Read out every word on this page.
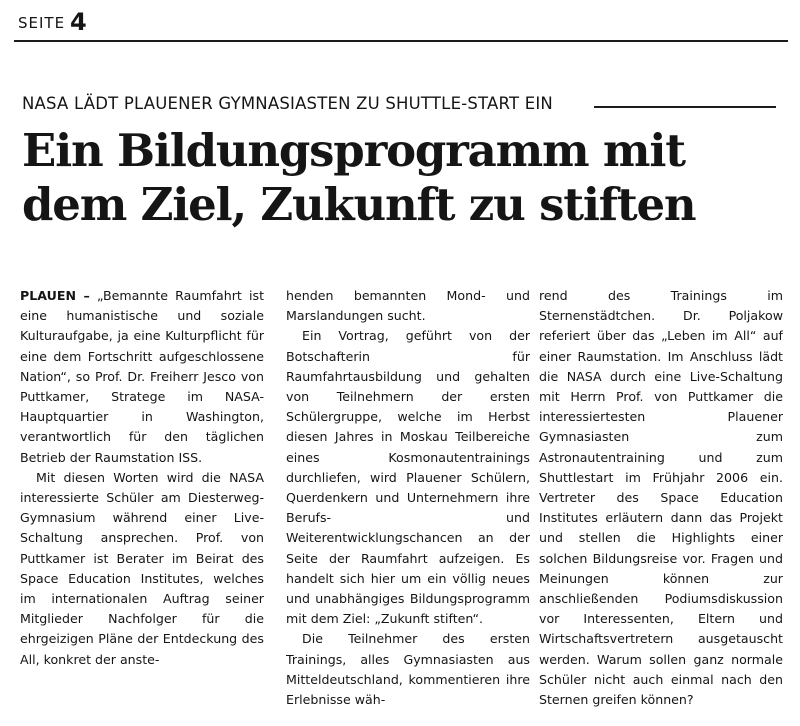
SEITE 4
NASA LÄDT PLAUENER GYMNASIASTEN ZU SHUTTLE-START EIN
Ein Bildungsprogramm mit
dem Ziel, Zukunft zu stiften

PLAUEN – „Bemannte Raumfahrt ist eine humanistische und soziale Kulturaufgabe, ja eine Kulturpflicht für eine dem Fortschritt aufgeschlossene Nation“, so Prof. Dr. Freiherr Jesco von Puttkamer, Stratege im NASA-Hauptquartier in Washington, verantwortlich für den täglichen Betrieb der Raumstation ISS.

Mit diesen Worten wird die NASA interessierte Schüler am Diesterweg-Gymnasium während einer Live-Schaltung ansprechen. Prof. von Puttkamer ist Berater im Beirat des Space Education Institutes, welches im internationalen Auftrag seiner Mitglieder Nachfolger für die ehrgeizigen Pläne der Entdeckung des All, konkret der anste-

henden bemannten Mond- und Marslandungen sucht.

Ein Vortrag, geführt von der Botschafterin für Raumfahrtausbildung und gehalten von Teilnehmern der ersten Schülergruppe, welche im Herbst diesen Jahres in Moskau Teilbereiche eines Kosmonautentrainings durchliefen, wird Plauener Schülern, Querdenkern und Unternehmern ihre Berufs- und Weiterentwicklungschancen an der Seite der Raumfahrt aufzeigen. Es handelt sich hier um ein völlig neues und unabhängiges Bildungsprogramm mit dem Ziel: „Zukunft stiften“.

Die Teilnehmer des ersten Trainings, alles Gymnasiasten aus Mitteldeutschland, kommentieren ihre Erlebnisse wäh-

rend des Trainings im Sternenstädtchen. Dr. Poljakow referiert über das „Leben im All“ auf einer Raumstation. Im Anschluss lädt die NASA durch eine Live-Schaltung mit Herrn Prof. von Puttkamer die interessiertesten Plauener Gymnasiasten zum Astronautentraining und zum Shuttlestart im Frühjahr 2006 ein. Vertreter des Space Education Institutes erläutern dann das Projekt und stellen die Highlights einer solchen Bildungsreise vor. Fragen und Meinungen können zur anschließenden Podiumsdiskussion vor Interessenten, Eltern und Wirtschaftsvertretern ausgetauscht werden. Warum sollen ganz normale Schüler nicht auch einmal nach den Sternen greifen können?
